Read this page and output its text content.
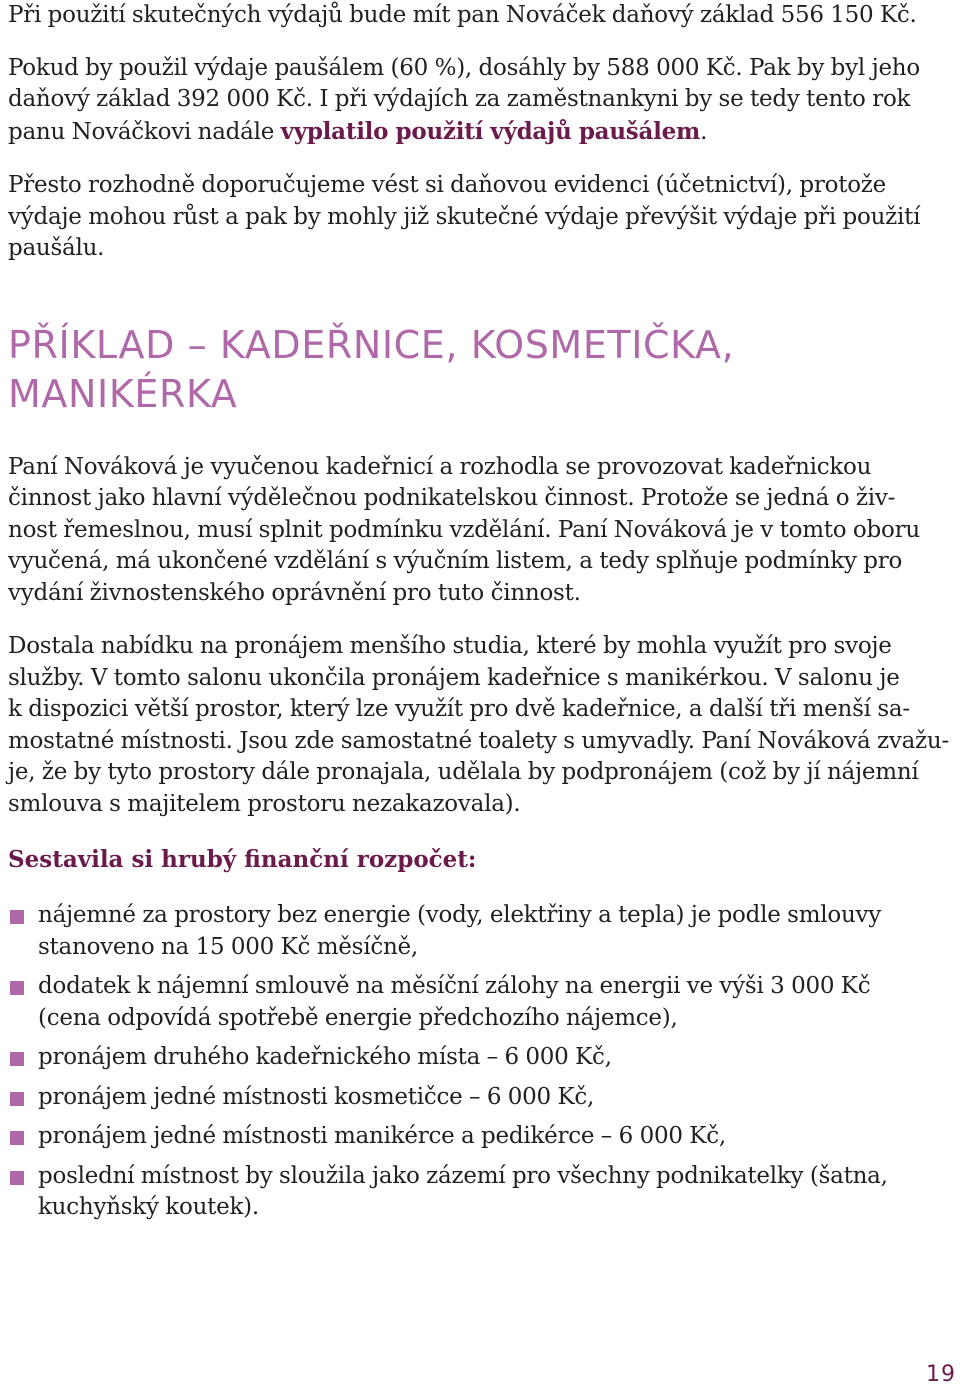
Při použití skutečných výdajů bude mít pan Nováček daňový základ 556 150 Kč.

Pokud by použil výdaje paušálem (60 %), dosáhly by 588 000 Kč. Pak by byl jeho
daňový základ 392 000 Kč. I při výdajích za zaměstnankyni by se tedy tento rok
panu Nováčkovi nadále vyplatilo použití výdajů paušálem.

Přesto rozhodně doporučujeme vést si daňovou evidenci (účetnictví), protože
výdaje mohou růst a pak by mohly již skutečné výdaje převýšit výdaje při použití
paušálu.

PŘÍKLAD – KADEŘNICE, KOSMETIČKA,
MANIKÉRKA

Paní Nováková je vyučenou kadeřnicí a rozhodla se provozovat kadeřnickou
činnost jako hlavní výdělečnou podnikatelskou činnost. Protože se jedná o živ-
nost řemeslnou, musí splnit podmínku vzdělání. Paní Nováková je v tomto oboru
vyučená, má ukončené vzdělání s výučním listem, a tedy splňuje podmínky pro
vydání živnostenského oprávnění pro tuto činnost.

Dostala nabídku na pronájem menšího studia, které by mohla využít pro svoje
služby. V tomto salonu ukončila pronájem kadeřnice s manikérkou. V salonu je
k dispozici větší prostor, který lze využít pro dvě kadeřnice, a další tři menší sa-
mostatné místnosti. Jsou zde samostatné toalety s umyvadly. Paní Nováková zvažu-
je, že by tyto prostory dále pronajala, udělala by podpronájem (což by jí nájemní
smlouva s majitelem prostoru nezakazovala).

Sestavila si hrubý finanční rozpočet:
nájemné za prostory bez energie (vody, elektřiny a tepla) je podle smlouvy
stanoveno na 15 000 Kč měsíčně,
dodatek k nájemní smlouvě na měsíční zálohy na energii ve výši 3 000 Kč
(cena odpovídá spotřebě energie předchozího nájemce),
pronájem druhého kadeřnického místa – 6 000 Kč,
pronájem jedné místnosti kosmetičce – 6 000 Kč,
pronájem jedné místnosti manikérce a pedikérce – 6 000 Kč,
poslední místnost by sloužila jako zázemí pro všechny podnikatelky (šatna,
kuchyňský koutek).
19
